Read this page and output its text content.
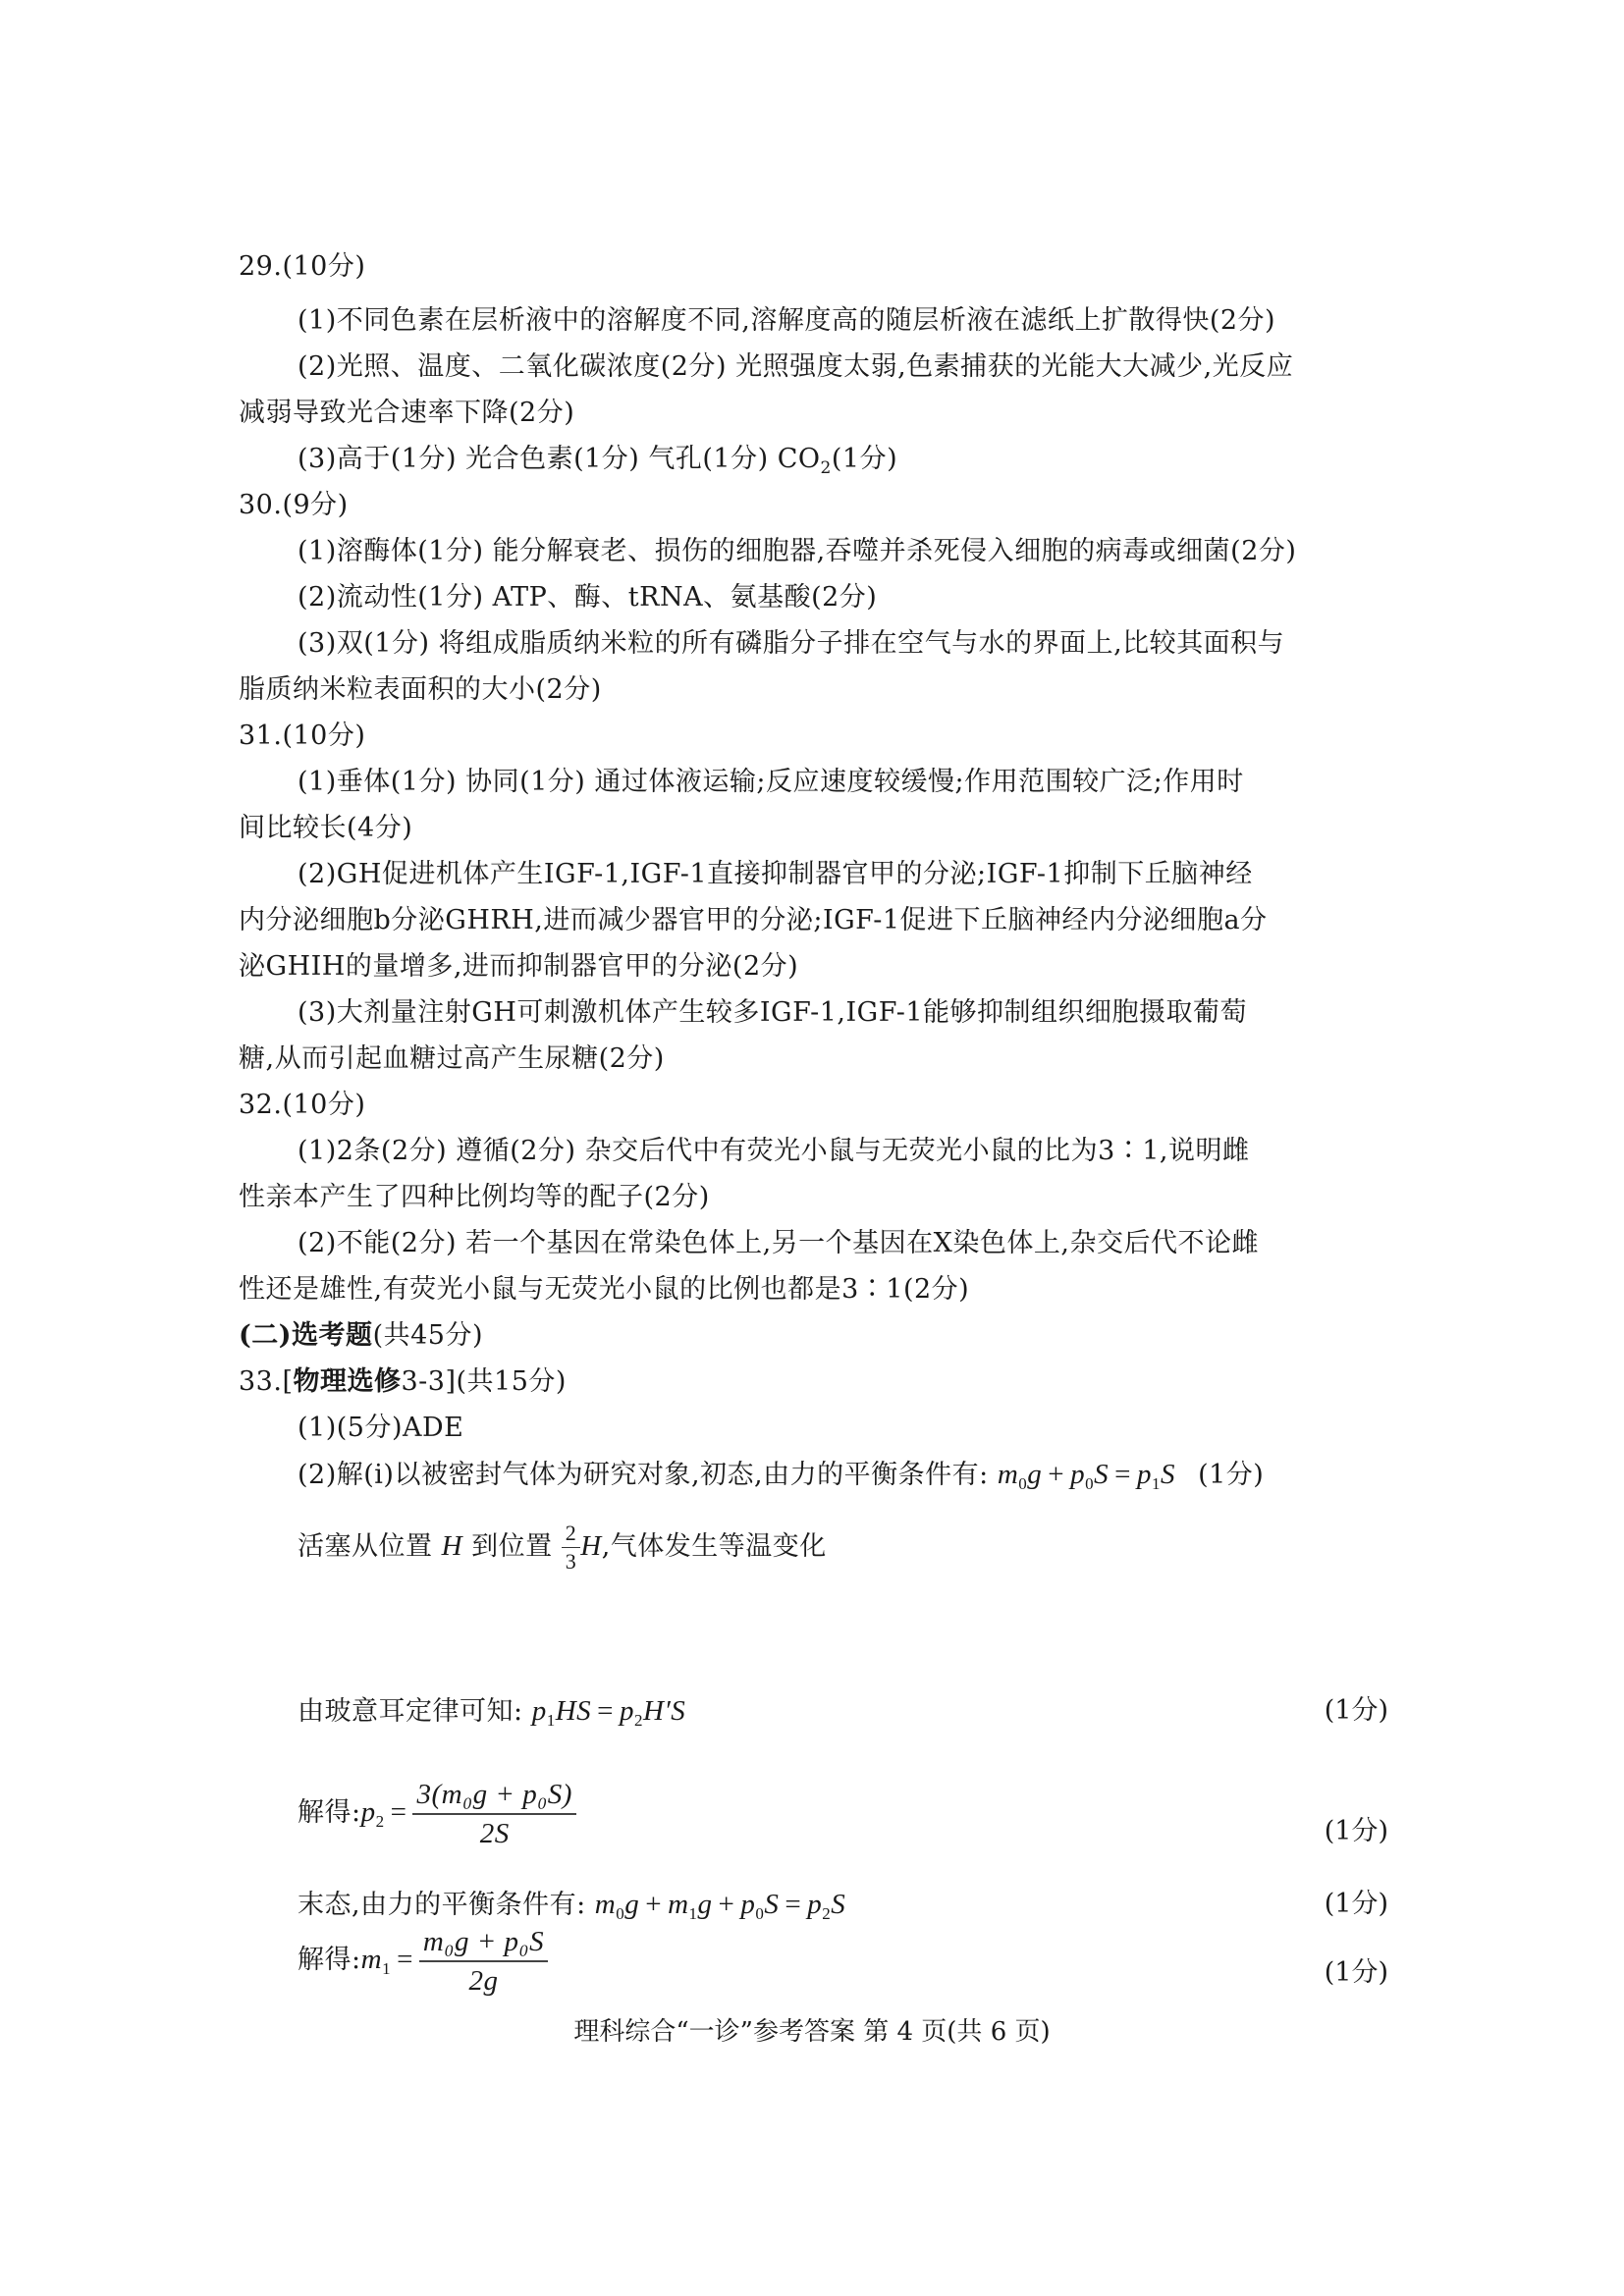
29.(10分)
(1)不同色素在层析液中的溶解度不同,溶解度高的随层析液在滤纸上扩散得快(2分)
(2)光照、温度、二氧化碳浓度(2分) 光照强度太弱,色素捕获的光能大大减少,光反应
减弱导致光合速率下降(2分)
(3)高于(1分) 光合色素(1分) 气孔(1分) $CO_2(1$分)
30.(9分)
(1)溶酶体(1分) 能分解衰老、损伤的细胞器,吞噬并杀死侵入细胞的病毒或细菌(2分)
(2)流动性(1分) ATP、酶、tRNA、氨基酸(2分)
(3)双(1分) 将组成脂质纳米粒的所有磷脂分子排在空气与水的界面上,比较其面积与
脂质纳米粒表面积的大小(2分)
31.(10分)
(1)垂体(1分) 协同(1分) 通过体液运输;反应速度较缓慢;作用范围较广泛;作用时
间比较长(4分)
(2)GH促进机体产生IGF-1,IGF-1直接抑制器官甲的分泌;IGF-1抑制下丘脑神经
内分泌细胞b分泌GHRH,进而减少器官甲的分泌;IGF-1促进下丘脑神经内分泌细胞a分
泌GHIH的量增多,进而抑制器官甲的分泌(2分)
(3)大剂量注射GH可刺激机体产生较多IGF-1,IGF-1能够抑制组织细胞摄取葡萄
糖,从而引起血糖过高产生尿糖(2分)
32.(10分)
(1)2条(2分) 遵循(2分) 杂交后代中有荧光小鼠与无荧光小鼠的比为3∶1,说明雌
性亲本产生了四种比例均等的配子(2分)
(2)不能(2分) 若一个基因在常染色体上,另一个基因在X染色体上,杂交后代不论雌
性还是雄性,有荧光小鼠与无荧光小鼠的比例也都是3∶1(2分)
(二)选考题(共45分)
33.[物理选修3-3](共15分)
(1)(5分)ADE
(2)解(i)以被密封气体为研究对象,初态,由力的平衡条件有: $m_0g + p_0S = p_1S$ (1分)
活塞从位置 H 到位置 $\frac{2}{3} H$,气体发生等温变化
由玻意耳定律可知: $p_1HS = p_2H'S$	(1分)
解得$:p_2 = \frac{\text{3(m₀g + p₀S)}}{2S}$	(1分)
末态,由力的平衡条件有: $m_0g + m_1g + p_0S = p_2S$	(1分)
解得$:m_1 = \frac{\text{m₀g + p₀S}}{2g}$	(1分)
理科综合“一诊”参考答案 第 4 页(共 6 页)
